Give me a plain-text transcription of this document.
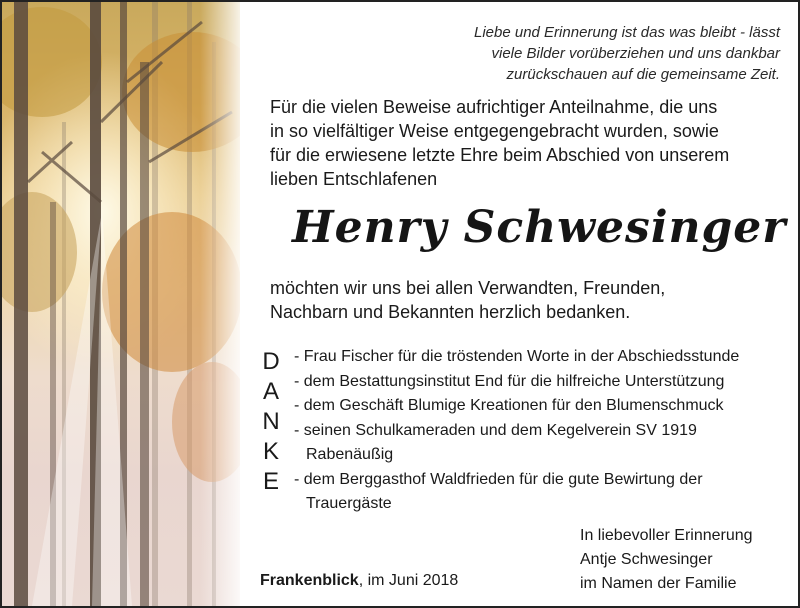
Liebe und Erinnerung ist das was bleibt - lässt
viele Bilder vorüberziehen und uns dankbar
zurückschauen auf die gemeinsame Zeit.
Für die vielen Beweise aufrichtiger Anteilnahme, die uns
in so vielfältiger Weise entgegengebracht wurden, sowie
für die erwiesene letzte Ehre beim Abschied von unserem
lieben Entschlafenen
Henry Schwesinger
möchten wir uns bei allen Verwandten, Freunden,
Nachbarn und Bekannten herzlich bedanken.
D
A
N
K
E
- Frau Fischer für die tröstenden Worte in der Abschiedsstunde
- dem Bestattungsinstitut End für die hilfreiche Unterstützung
- dem Geschäft Blumige Kreationen für den Blumenschmuck
- seinen Schulkameraden und dem Kegelverein SV 1919
Rabenäußig
- dem Berggasthof Waldfrieden für die gute Bewirtung der
Trauergäste
Frankenblick, im Juni 2018
In liebevoller Erinnerung
Antje Schwesinger
im Namen der Familie
